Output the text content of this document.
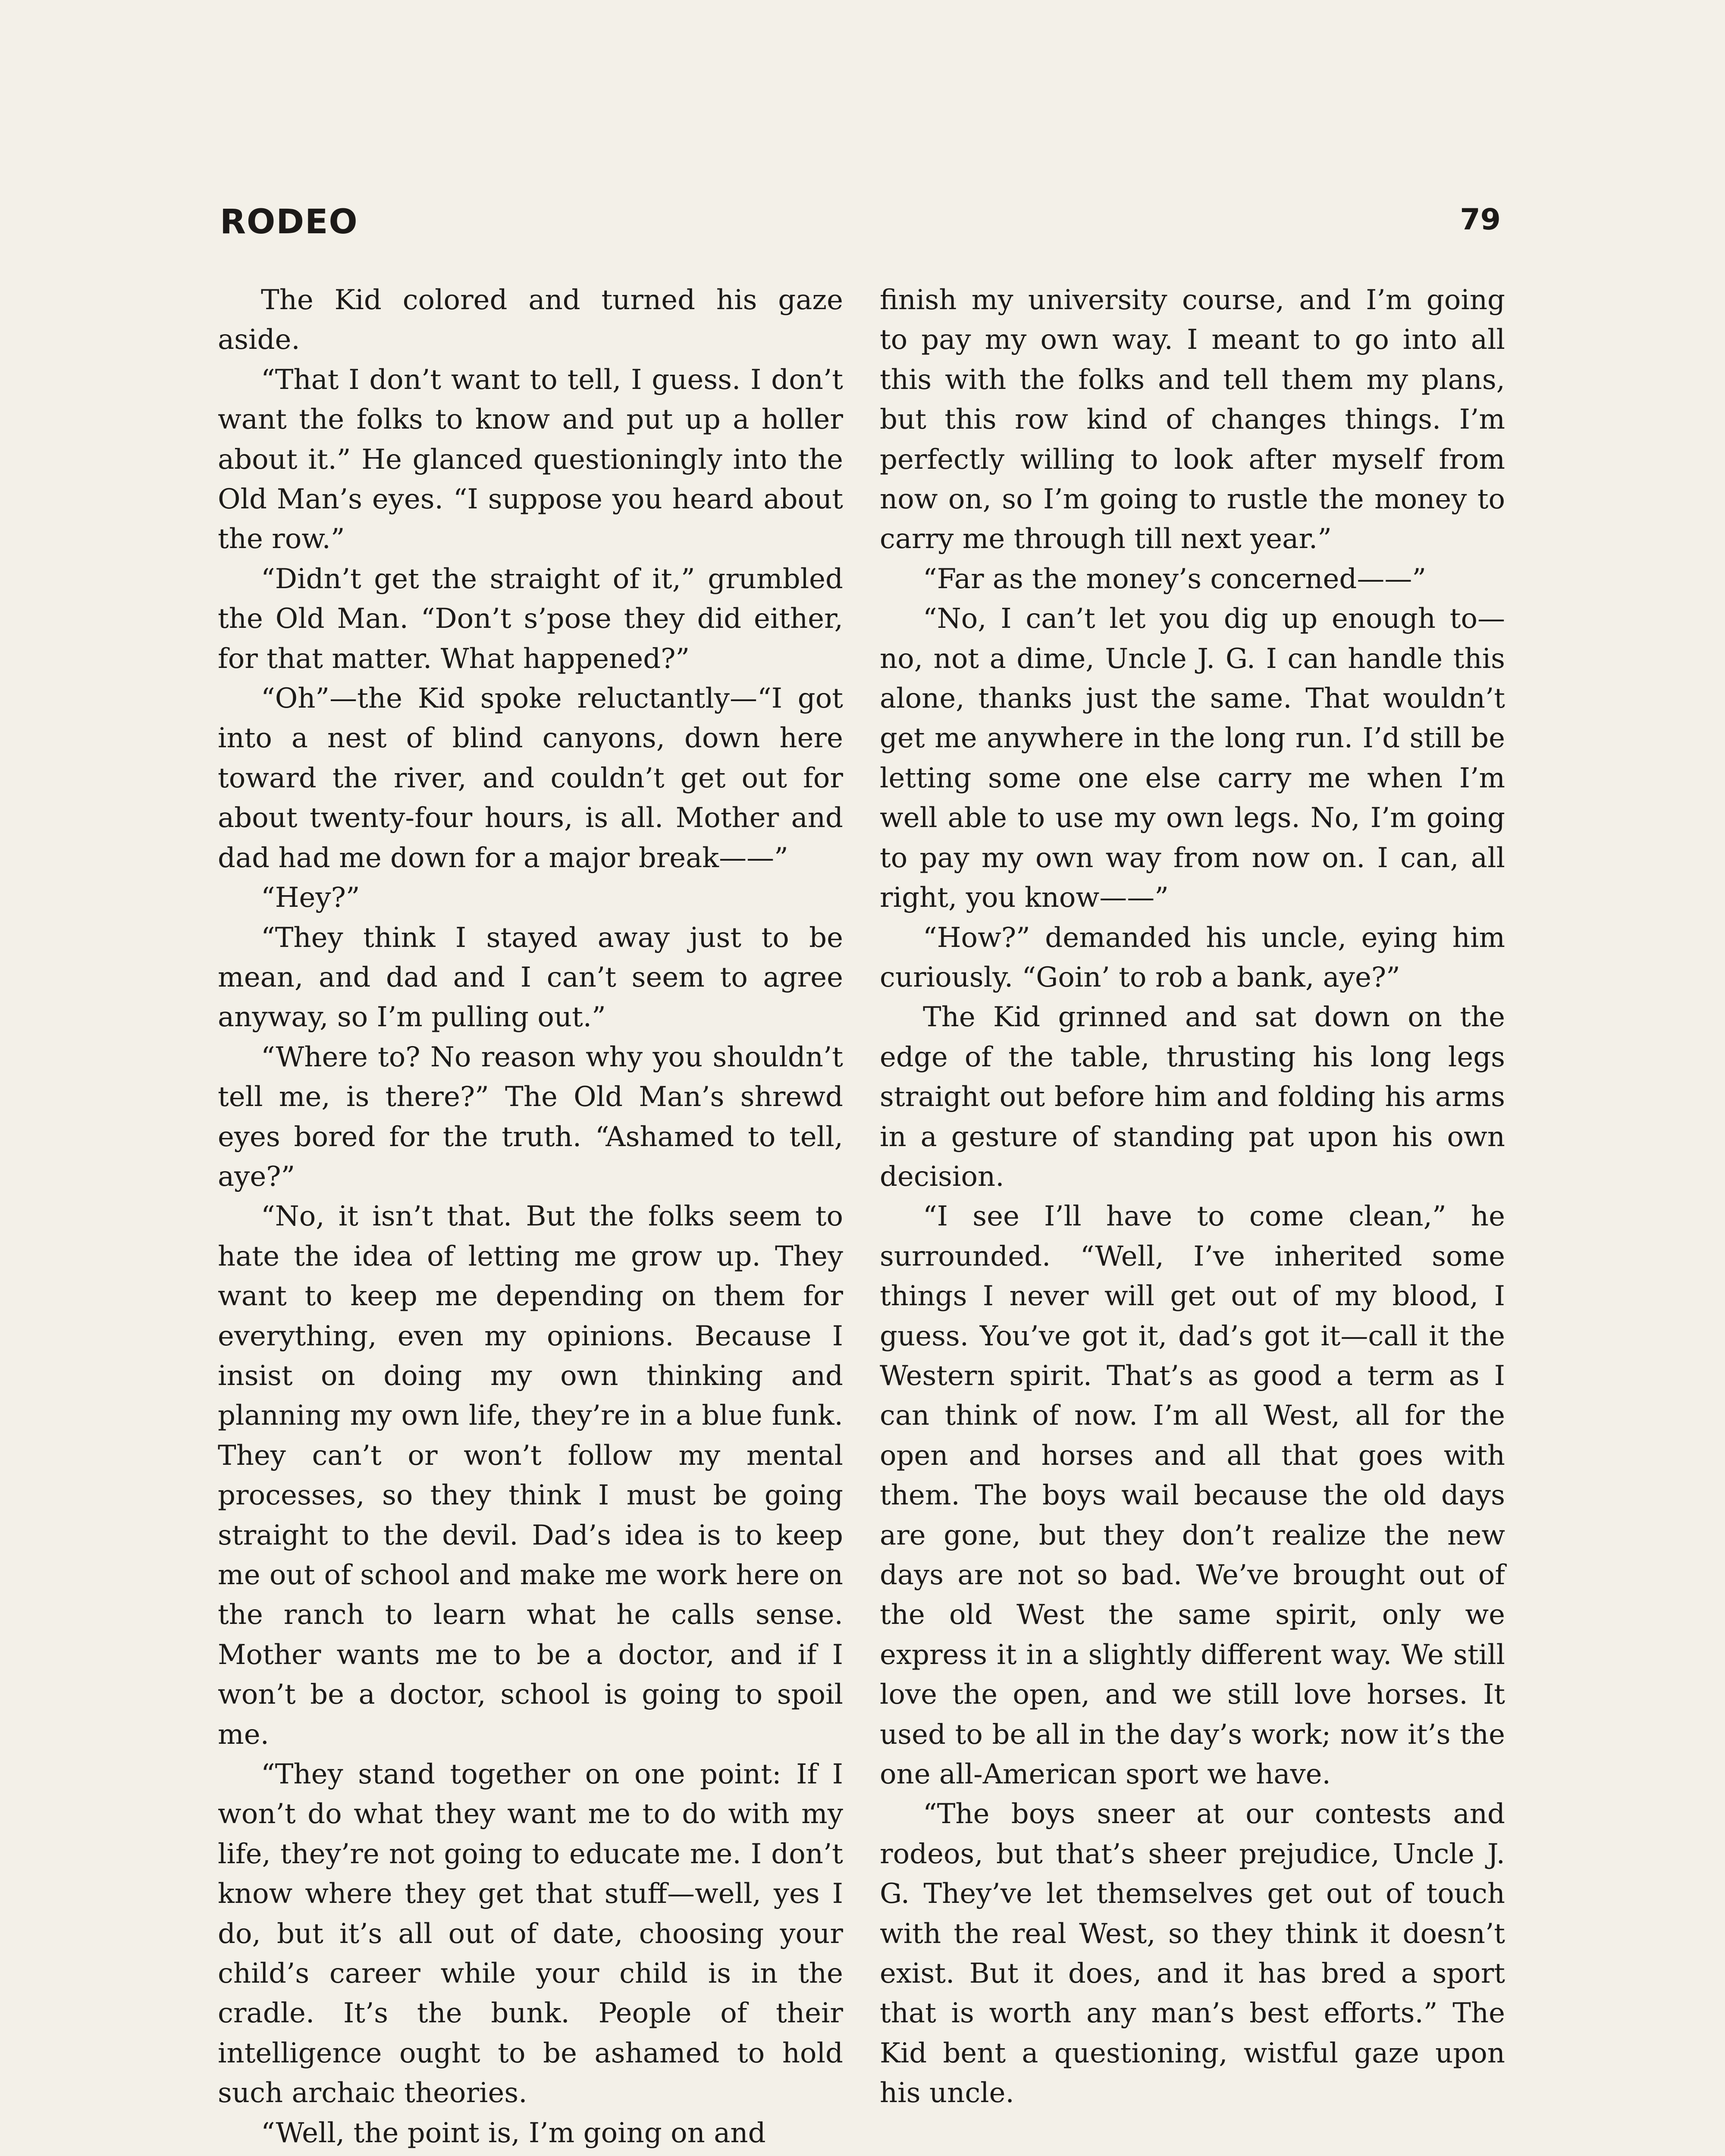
RODEO	79

The Kid colored and turned his gaze aside.

“That I don’t want to tell, I guess. I don’t want the folks to know and put up a holler about it.” He glanced questioningly into the Old Man’s eyes. “I suppose you heard about the row.”

“Didn’t get the straight of it,” grumbled the Old Man. “Don’t s’pose they did either, for that matter. What happened?”

“Oh”—the Kid spoke reluctantly—“I got into a nest of blind canyons, down here toward the river, and couldn’t get out for about twenty-four hours, is all. Mother and dad had me down for a major break——”

“Hey?”

“They think I stayed away just to be mean, and dad and I can’t seem to agree anyway, so I’m pulling out.”

“Where to? No reason why you shouldn’t tell me, is there?” The Old Man’s shrewd eyes bored for the truth. “Ashamed to tell, aye?”

“No, it isn’t that. But the folks seem to hate the idea of letting me grow up. They want to keep me depending on them for everything, even my opinions. Because I insist on doing my own thinking and planning my own life, they’re in a blue funk. They can’t or won’t follow my mental processes, so they think I must be going straight to the devil. Dad’s idea is to keep me out of school and make me work here on the ranch to learn what he calls sense. Mother wants me to be a doctor, and if I won’t be a doctor, school is going to spoil me.

“They stand together on one point: If I won’t do what they want me to do with my life, they’re not going to educate me. I don’t know where they get that stuff—well, yes I do, but it’s all out of date, choosing your child’s career while your child is in the cradle. It’s the bunk. People of their intelligence ought to be ashamed to hold such archaic theories.

“Well, the point is, I’m going on and

finish my university course, and I’m going to pay my own way. I meant to go into all this with the folks and tell them my plans, but this row kind of changes things. I’m perfectly willing to look after myself from now on, so I’m going to rustle the money to carry me through till next year.”

“Far as the money’s concerned——”

“No, I can’t let you dig up enough to—no, not a dime, Uncle J. G. I can handle this alone, thanks just the same. That wouldn’t get me anywhere in the long run. I’d still be letting some one else carry me when I’m well able to use my own legs. No, I’m going to pay my own way from now on. I can, all right, you know——”

“How?” demanded his uncle, eying him curiously. “Goin’ to rob a bank, aye?”

The Kid grinned and sat down on the edge of the table, thrusting his long legs straight out before him and folding his arms in a gesture of standing pat upon his own decision.

“I see I’ll have to come clean,” he surrounded. “Well, I’ve inherited some things I never will get out of my blood, I guess. You’ve got it, dad’s got it—call it the Western spirit. That’s as good a term as I can think of now. I’m all West, all for the open and horses and all that goes with them. The boys wail because the old days are gone, but they don’t realize the new days are not so bad. We’ve brought out of the old West the same spirit, only we express it in a slightly different way. We still love the open, and we still love horses. It used to be all in the day’s work; now it’s the one all-American sport we have.

“The boys sneer at our contests and rodeos, but that’s sheer prejudice, Uncle J. G. They’ve let themselves get out of touch with the real West, so they think it doesn’t exist. But it does, and it has bred a sport that is worth any man’s best efforts.” The Kid bent a questioning, wistful gaze upon his uncle.
